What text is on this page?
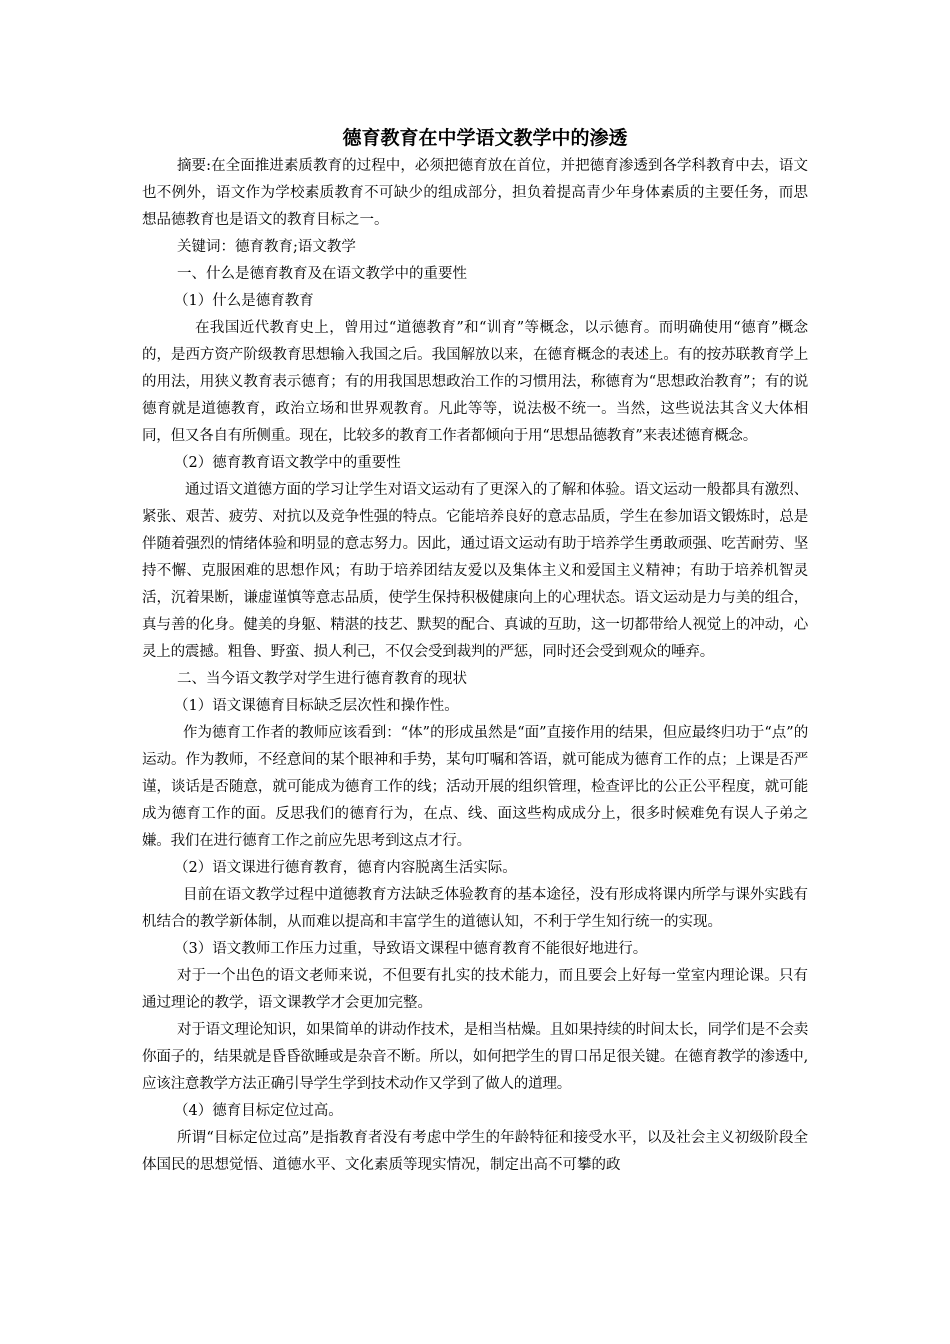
德育教育在中学语文教学中的渗透

摘要:在全面推进素质教育的过程中，必须把德育放在首位，并把德育渗透到各学科教育中去，语文也不例外，语文作为学校素质教育不可缺少的组成部分，担负着提高青少年身体素质的主要任务，而思想品德教育也是语文的教育目标之一。

关键词：德育教育;语文教学

一、什么是德育教育及在语文教学中的重要性

（1）什么是德育教育

在我国近代教育史上，曾用过“道德教育”和“训育”等概念，以示德育。而明确使用“德育”概念的，是西方资产阶级教育思想输入我国之后。我国解放以来，在德育概念的表述上。有的按苏联教育学上的用法，用狭义教育表示德育；有的用我国思想政治工作的习惯用法，称德育为“思想政治教育”；有的说德育就是道德教育，政治立场和世界观教育。凡此等等，说法极不统一。当然，这些说法其含义大体相同，但又各自有所侧重。现在，比较多的教育工作者都倾向于用“思想品德教育”来表述德育概念。

（2）德育教育语文教学中的重要性

通过语文道德方面的学习让学生对语文运动有了更深入的了解和体验。语文运动一般都具有激烈、紧张、艰苦、疲劳、对抗以及竞争性强的特点。它能培养良好的意志品质，学生在参加语文锻炼时，总是伴随着强烈的情绪体验和明显的意志努力。因此，通过语文运动有助于培养学生勇敢顽强、吃苦耐劳、坚持不懈、克服困难的思想作风；有助于培养团结友爱以及集体主义和爱国主义精神；有助于培养机智灵活，沉着果断，谦虚谨慎等意志品质，使学生保持积极健康向上的心理状态。语文运动是力与美的组合，真与善的化身。健美的身躯、精湛的技艺、默契的配合、真诚的互助，这一切都带给人视觉上的冲动，心灵上的震撼。粗鲁、野蛮、损人利己，不仅会受到裁判的严惩，同时还会受到观众的唾弃。

二、当今语文教学对学生进行德育教育的现状

（1）语文课德育目标缺乏层次性和操作性。

作为德育工作者的教师应该看到：“体”的形成虽然是“面”直接作用的结果，但应最终归功于“点”的运动。作为教师，不经意间的某个眼神和手势，某句叮嘱和答语，就可能成为德育工作的点；上课是否严谨，谈话是否随意，就可能成为德育工作的线；活动开展的组织管理，检查评比的公正公平程度，就可能成为德育工作的面。反思我们的德育行为，在点、线、面这些构成成分上，很多时候难免有误人子弟之嫌。我们在进行德育工作之前应先思考到这点才行。

（2）语文课进行德育教育，德育内容脱离生活实际。

目前在语文教学过程中道德教育方法缺乏体验教育的基本途径，没有形成将课内所学与课外实践有机结合的教学新体制，从而难以提高和丰富学生的道德认知，不利于学生知行统一的实现。

（3）语文教师工作压力过重，导致语文课程中德育教育不能很好地进行。

对于一个出色的语文老师来说，不但要有扎实的技术能力，而且要会上好每一堂室内理论课。只有通过理论的教学，语文课教学才会更加完整。

对于语文理论知识，如果简单的讲动作技术，是相当枯燥。且如果持续的时间太长，同学们是不会卖你面子的，结果就是昏昏欲睡或是杂音不断。所以，如何把学生的胃口吊足很关键。在德育教学的渗透中,应该注意教学方法正确引导学生学到技术动作又学到了做人的道理。

（4）德育目标定位过高。

所谓“目标定位过高”是指教育者没有考虑中学生的年龄特征和接受水平，以及社会主义初级阶段全体国民的思想觉悟、道德水平、文化素质等现实情况，制定出高不可攀的政
